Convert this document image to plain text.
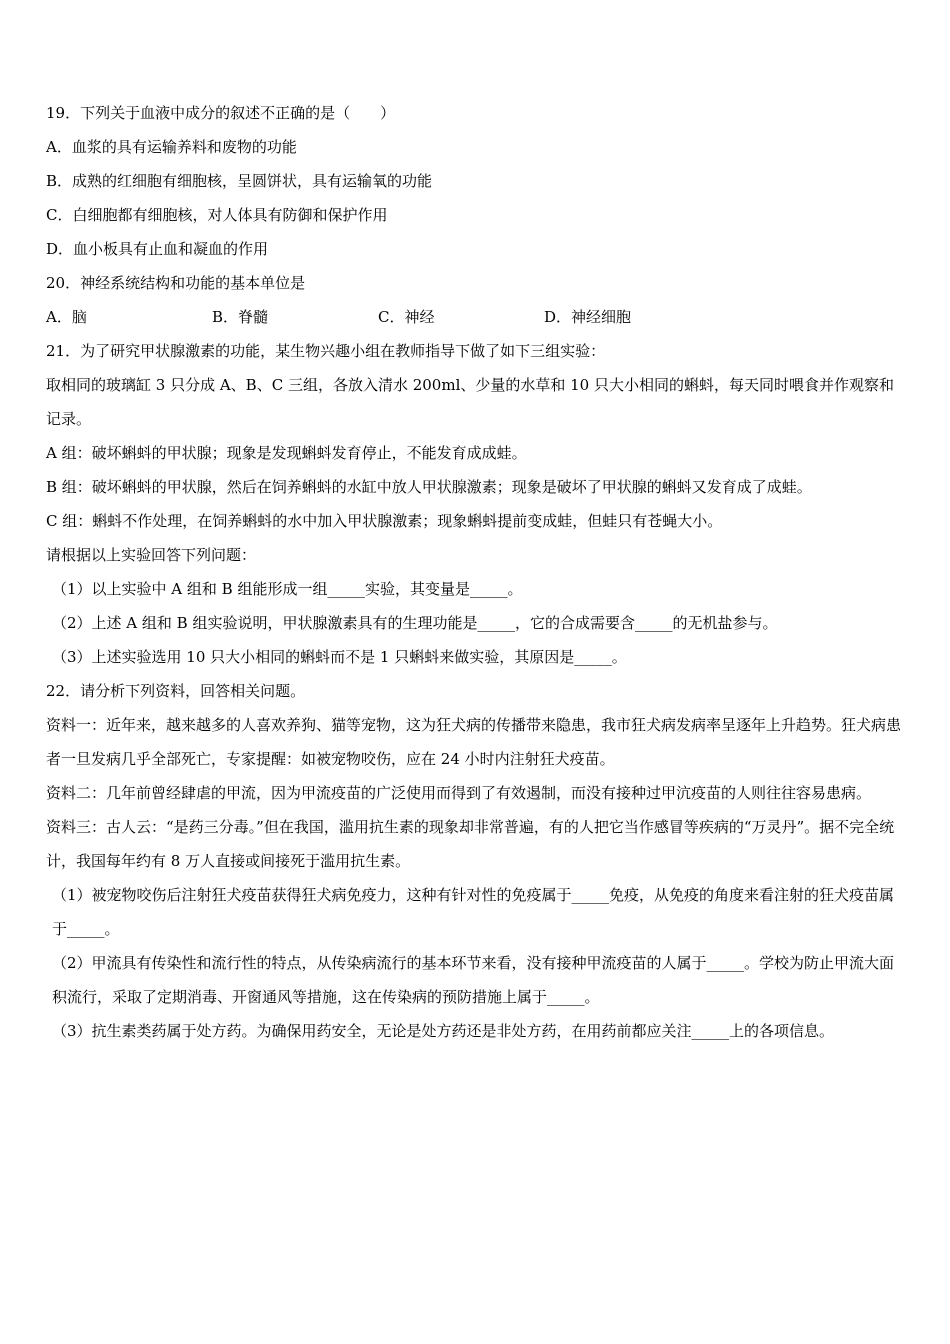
19．下列关于血液中成分的叙述不正确的是（　　）
A．血浆的具有运输养料和废物的功能
B．成熟的红细胞有细胞核，呈圆饼状，具有运输氧的功能
C．白细胞都有细胞核，对人体具有防御和保护作用
D．血小板具有止血和凝血的作用
20．神经系统结构和功能的基本单位是
A．脑	B．脊髓	C．神经	D．神经细胞
21．为了研究甲状腺激素的功能，某生物兴趣小组在教师指导下做了如下三组实验：
取相同的玻璃缸 3 只分成 A、B、C 三组，各放入清水 200ml、少量的水草和 10 只大小相同的蝌蚪，每天同时喂食并作观察和记录。
A 组：破坏蝌蚪的甲状腺；现象是发现蝌蚪发育停止，不能发育成成蛙。
B 组：破坏蝌蚪的甲状腺，然后在饲养蝌蚪的水缸中放人甲状腺激素；现象是破坏了甲状腺的蝌蚪又发育成了成蛙。
C 组：蝌蚪不作处理，在饲养蝌蚪的水中加入甲状腺激素；现象蝌蚪提前变成蛙，但蛙只有苍蝇大小。
请根据以上实验回答下列问题：
（1）以上实验中 A 组和 B 组能形成一组_____实验，其变量是_____。
（2）上述 A 组和 B 组实验说明，甲状腺激素具有的生理功能是_____，它的合成需要含_____的无机盐参与。
（3）上述实验选用 10 只大小相同的蝌蚪而不是 1 只蝌蚪来做实验，其原因是_____。
22．请分析下列资料，回答相关问题。
资料一：近年来，越来越多的人喜欢养狗、猫等宠物，这为狂犬病的传播带来隐患，我市狂犬病发病率呈逐年上升趋势。狂犬病患者一旦发病几乎全部死亡，专家提醒：如被宠物咬伤，应在 24 小时内注射狂犬疫苗。
资料二：几年前曾经肆虐的甲流，因为甲流疫苗的广泛使用而得到了有效遏制，而没有接种过甲沆疫苗的人则往往容易患病。
资料三：古人云：“是药三分毒。”但在我国，滥用抗生素的现象却非常普遍，有的人把它当作感冒等疾病的“万灵丹”。据不完全统计，我国每年约有 8 万人直接或间接死于滥用抗生素。
（1）被宠物咬伤后注射狂犬疫苗获得狂犬病免疫力，这种有针对性的免疫属于_____免疫，从免疫的角度来看注射的狂犬疫苗属于_____。
（2）甲流具有传染性和流行性的特点，从传染病流行的基本环节来看，没有接种甲流疫苗的人属于_____。学校为防止甲流大面积流行，采取了定期消毒、开窗通风等措施，这在传染病的预防措施上属于_____。
（3）抗生素类药属于处方药。为确保用药安全，无论是处方药还是非处方药，在用药前都应关注_____上的各项信息。
